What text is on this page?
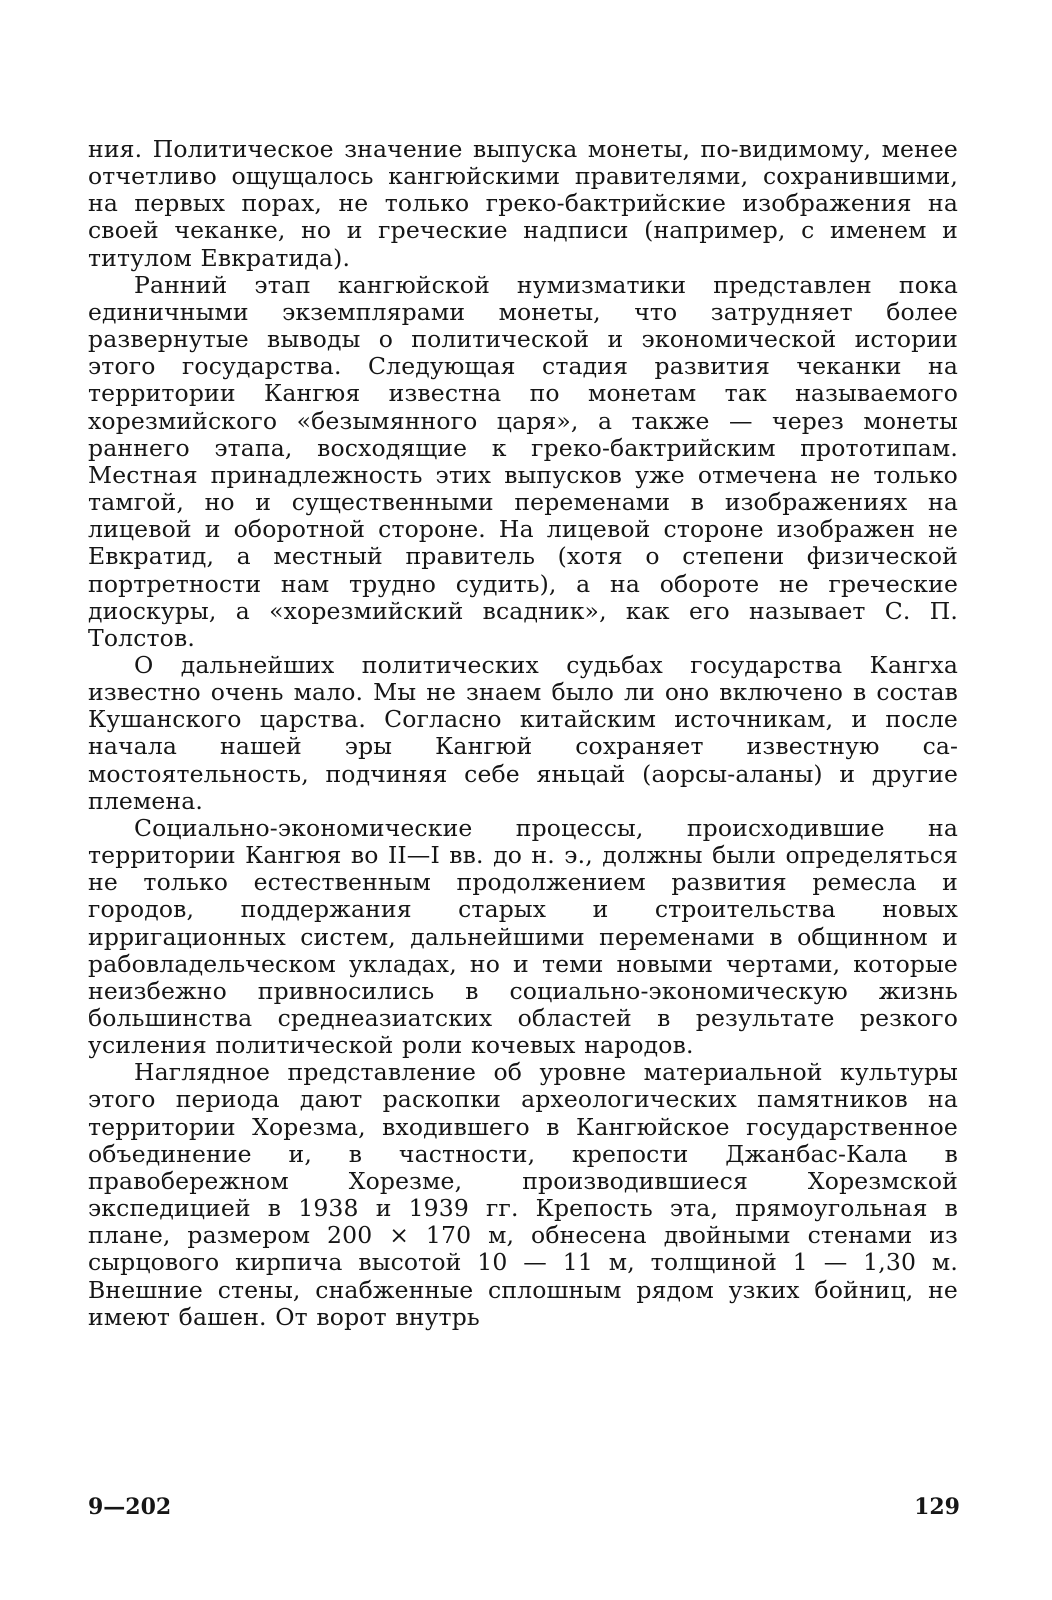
ния. Политическое значение выпуска монеты, по-видимому, менее отчетливо ощущалось кангюйскими правителями, сохранившими, на первых порах, не только греко-бактрийские изображения на своей чеканке, но и греческие надписи (например, с именем и титулом Евкратида).

Ранний этап кангюйской нумизматики представлен пока единичными экземплярами монеты, что затрудняет более развернутые выводы о политической и экономической истории этого государства. Следующая стадия развития чеканки на территории Кангюя известна по монетам так называемого хорезмийского «безымянного царя», а также — через монеты раннего этапа, восходящие к греко-бактрийским прототипам. Местная принадлежность этих выпусков уже отмечена не только тамгой, но и существенными переменами в изображениях на лицевой и оборотной стороне. На лицевой стороне изображен не Евкратид, а местный правитель (хотя о степени физической портретности нам трудно судить), а на обороте не греческие диоскуры, а «хорезмийский всадник», как его называет С. П. Толстов.

О дальнейших политических судьбах государства Кангха известно очень мало. Мы не знаем было ли оно включено в состав Кушанского царства. Согласно китайским источникам, и после начала нашей эры Кангюй сохраняет известную самостоятельность, подчиняя себе яньцай (аорсы-аланы) и другие племена.

Социально-экономические процессы, происходившие на территории Кангюя во II—I вв. до н. э., должны были определяться не только естественным продолжением развития ремесла и городов, поддержания старых и строительства новых ирригационных систем, дальнейшими переменами в общинном и рабовладельческом укладах, но и теми новыми чертами, которые неизбежно привносились в социально-экономическую жизнь большинства среднеазиатских областей в результате резкого усиления политической роли кочевых народов.

Наглядное представление об уровне материальной культуры этого периода дают раскопки археологических памятников на территории Хорезма, входившего в Кангюйское государственное объединение и, в частности, крепости Джанбас-Кала в правобережном Хорезме, производившиеся Хорезмской экспедицией в 1938 и 1939 гг. Крепость эта, прямоугольная в плане, размером 200 × 170 м, обнесена двойными стенами из сырцового кирпича высотой 10 — 11 м, толщиной 1 — 1,30 м. Внешние стены, снабженные сплошным рядом узких бойниц, не имеют башен. От ворот внутрь

9—202	129
